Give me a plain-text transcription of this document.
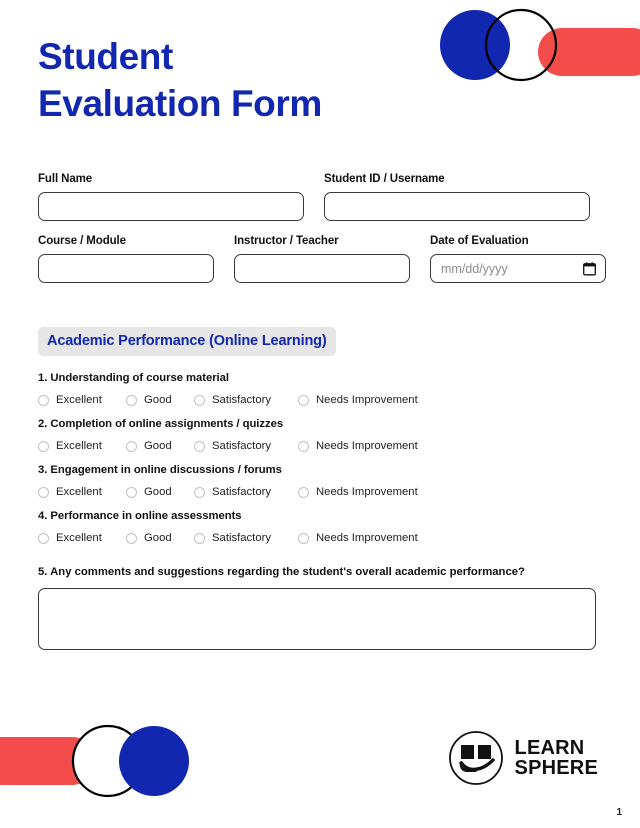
Student
Evaluation Form
Full Name	Student ID / Username
Course / Module	Instructor / Teacher	Date of Evaluation
mm/dd/yyyy
Academic Performance (Online Learning)
1. Understanding of course material
Excellent	Good	Satisfactory	Needs Improvement
2. Completion of online assignments / quizzes
Excellent	Good	Satisfactory	Needs Improvement
3. Engagement in online discussions / forums
Excellent	Good	Satisfactory	Needs Improvement
4. Performance in online assessments
Excellent	Good	Satisfactory	Needs Improvement
5. Any comments and suggestions regarding the student's overall academic performance?
LEARN
SPHERE
1
